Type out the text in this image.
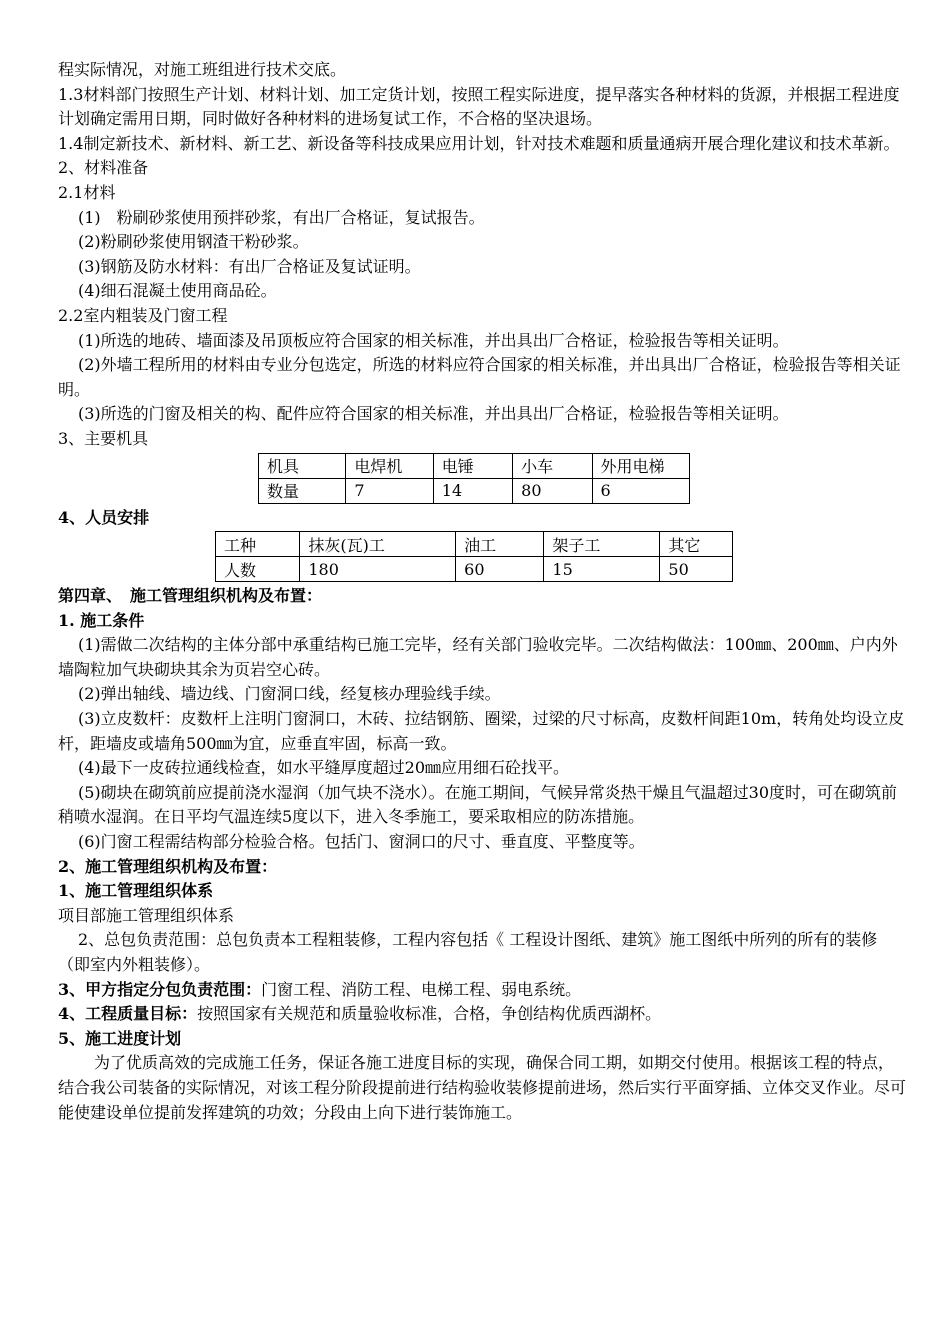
程实际情况，对施工班组进行技术交底。

1.3材料部门按照生产计划、材料计划、加工定货计划，按照工程实际进度，提早落实各种材料的货源，并根据工程进度计划确定需用日期，同时做好各种材料的进场复试工作，不合格的坚决退场。

1.4制定新技术、新材料、新工艺、新设备等科技成果应用计划，针对技术难题和质量通病开展合理化建议和技术革新。

2、材料准备

2.1材料

(1)　粉刷砂浆使用预拌砂浆，有出厂合格证，复试报告。

(2)粉刷砂浆使用钢渣干粉砂浆。

(3)钢筋及防水材料：有出厂合格证及复试证明。

(4)细石混凝土使用商品砼。

2.2室内粗装及门窗工程

(1)所选的地砖、墙面漆及吊顶板应符合国家的相关标准，并出具出厂合格证，检验报告等相关证明。

(2)外墙工程所用的材料由专业分包选定，所选的材料应符合国家的相关标准，并出具出厂合格证，检验报告等相关证明。

(3)所选的门窗及相关的构、配件应符合国家的相关标准，并出具出厂合格证，检验报告等相关证明。

3、主要机具

机具	电焊机	电锤	小车	外用电梯
数量	7	14	80	6

4、人员安排

工种	抹灰(瓦)工	油工	架子工	其它
人数	180	60	15	50

第四章、　施工管理组织机构及布置：

1. 施工条件

(1)需做二次结构的主体分部中承重结构已施工完毕，经有关部门验收完毕。二次结构做法：100㎜、200㎜、户内外墙陶粒加气块砌块其余为页岩空心砖。

(2)弹出轴线、墙边线、门窗洞口线，经复核办理验线手续。

(3)立皮数杆：皮数杆上注明门窗洞口，木砖、拉结钢筋、圈梁，过梁的尺寸标高，皮数杆间距10m，转角处均设立皮杆，距墙皮或墙角500㎜为宜，应垂直牢固，标高一致。

(4)最下一皮砖拉通线检查，如水平缝厚度超过20㎜应用细石砼找平。

(5)砌块在砌筑前应提前浇水湿润（加气块不浇水）。在施工期间，气候异常炎热干燥且气温超过30度时，可在砌筑前稍喷水湿润。在日平均气温连续5度以下，进入冬季施工，要采取相应的防冻措施。

(6)门窗工程需结构部分检验合格。包括门、窗洞口的尺寸、垂直度、平整度等。

2、施工管理组织机构及布置：

1、施工管理组织体系

项目部施工管理组织体系

2、总包负责范围：总包负责本工程粗装修，工程内容包括《 工程设计图纸、建筑》施工图纸中所列的所有的装修（即室内外粗装修）。

3、甲方指定分包负责范围：门窗工程、消防工程、电梯工程、弱电系统。

4、工程质量目标：按照国家有关规范和质量验收标准，合格，争创结构优质西湖杯。

5、施工进度计划

为了优质高效的完成施工任务，保证各施工进度目标的实现，确保合同工期，如期交付使用。根据该工程的特点，结合我公司装备的实际情况，对该工程分阶段提前进行结构验收装修提前进场，然后实行平面穿插、立体交叉作业。尽可能使建设单位提前发挥建筑的功效；分段由上向下进行装饰施工。
